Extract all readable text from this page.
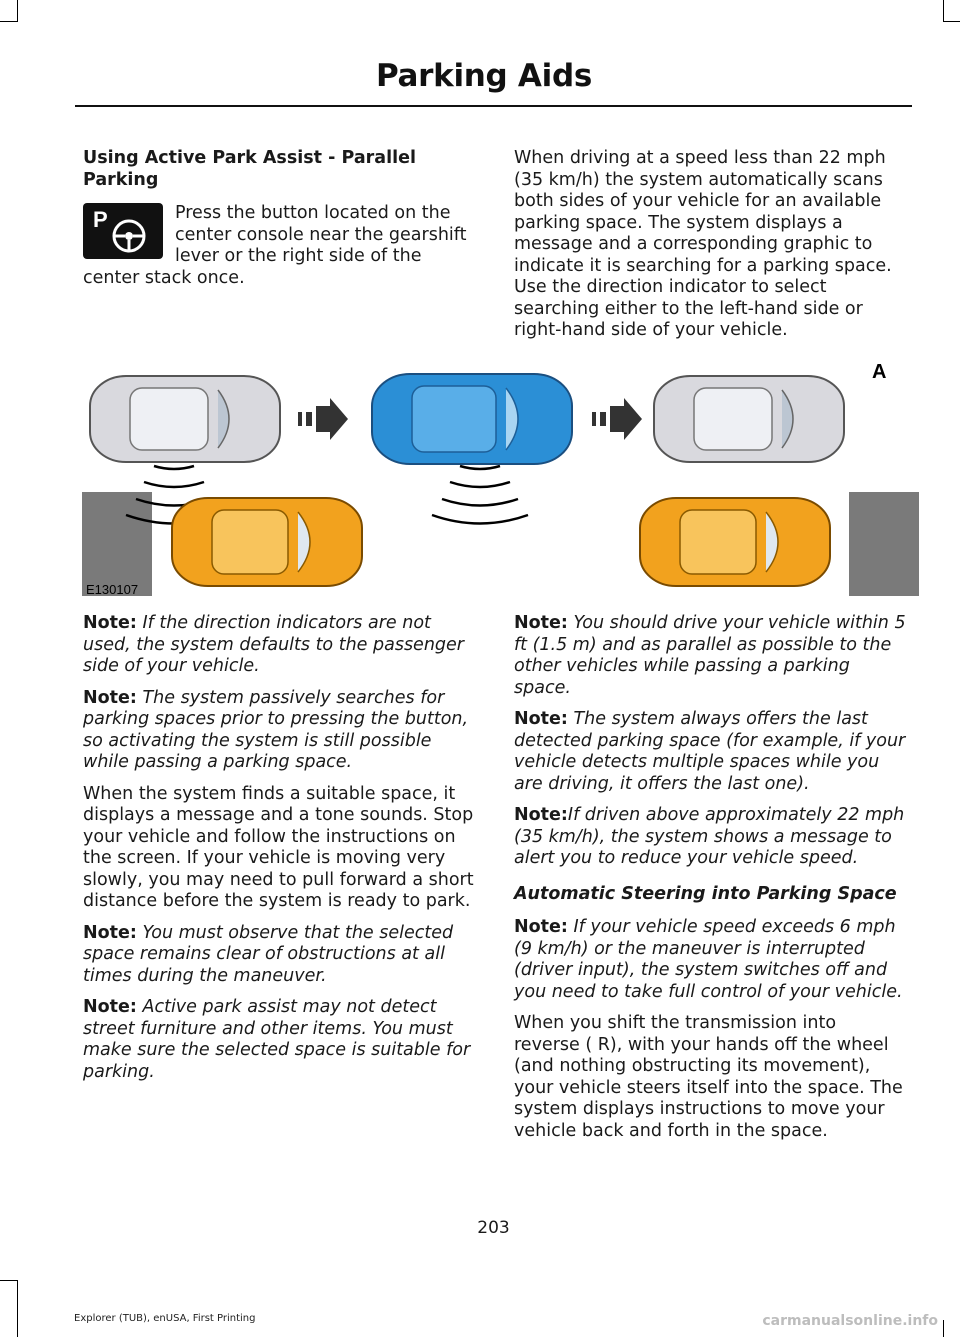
Parking Aids
Using Active Park Assist - Parallel Parking
P	Press the button located on the center console near the gearshift lever or the right side of the center stack once.

When driving at a speed less than 22 mph (35 km/h) the system automatically scans both sides of your vehicle for an available parking space. The system displays a message and a corresponding graphic to indicate it is searching for a parking space. Use the direction indicator to select searching either to the left-hand side or right-hand side of your vehicle.

A
E130107

Note: If the direction indicators are not used, the system defaults to the passenger side of your vehicle.

Note: The system passively searches for parking spaces prior to pressing the button, so activating the system is still possible while passing a parking space.

When the system finds a suitable space, it displays a message and a tone sounds. Stop your vehicle and follow the instructions on the screen. If your vehicle is moving very slowly, you may need to pull forward a short distance before the system is ready to park.

Note: You must observe that the selected space remains clear of obstructions at all times during the maneuver.

Note: Active park assist may not detect street furniture and other items. You must make sure the selected space is suitable for parking.

Note: You should drive your vehicle within 5 ft (1.5 m) and as parallel as possible to the other vehicles while passing a parking space.

Note: The system always offers the last detected parking space (for example, if your vehicle detects multiple spaces while you are driving, it offers the last one).

Note:If driven above approximately 22 mph (35 km/h), the system shows a message to alert you to reduce your vehicle speed.

Automatic Steering into Parking Space

Note: If your vehicle speed exceeds 6 mph (9 km/h) or the maneuver is interrupted (driver input), the system switches off and you need to take full control of your vehicle.

When you shift the transmission into reverse ( R), with your hands off the wheel (and nothing obstructing its movement), your vehicle steers itself into the space. The system displays instructions to move your vehicle back and forth in the space.

203
Explorer (TUB), enUSA, First Printing	carmanualsonline.info
